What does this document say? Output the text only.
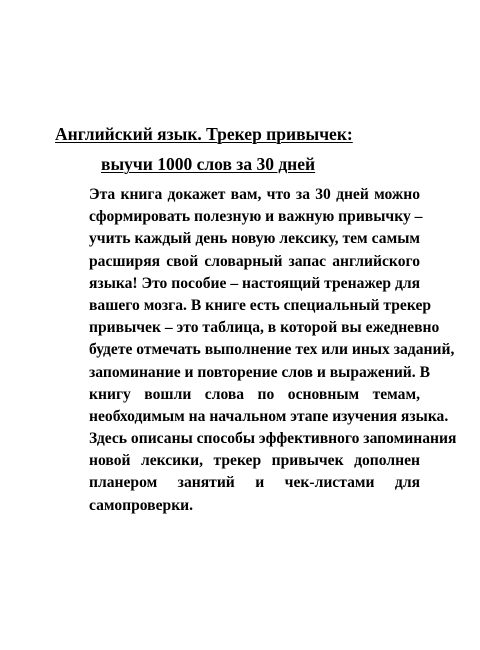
Английский язык. Трекер привычек:
выучи 1000 слов за 30 дней
Эта книга докажет вам, что за 30 дней можно
сформировать полезную и важную привычку –
учить каждый день новую лексику, тем самым
расширяя свой словарный запас английского
языка! Это пособие – настоящий тренажер для
вашего мозга. В книге есть специальный трекер
привычек – это таблица, в которой вы ежедневно
будете отмечать выполнение тех или иных заданий,
запоминание и повторение слов и выражений. В
книгу вошли слова по основным темам,
необходимым на начальном этапе изучения языка.
Здесь описаны способы эффективного запоминания
новой лексики, трекер привычек дополнен
планером занятий и чек-листами для
самопроверки.
